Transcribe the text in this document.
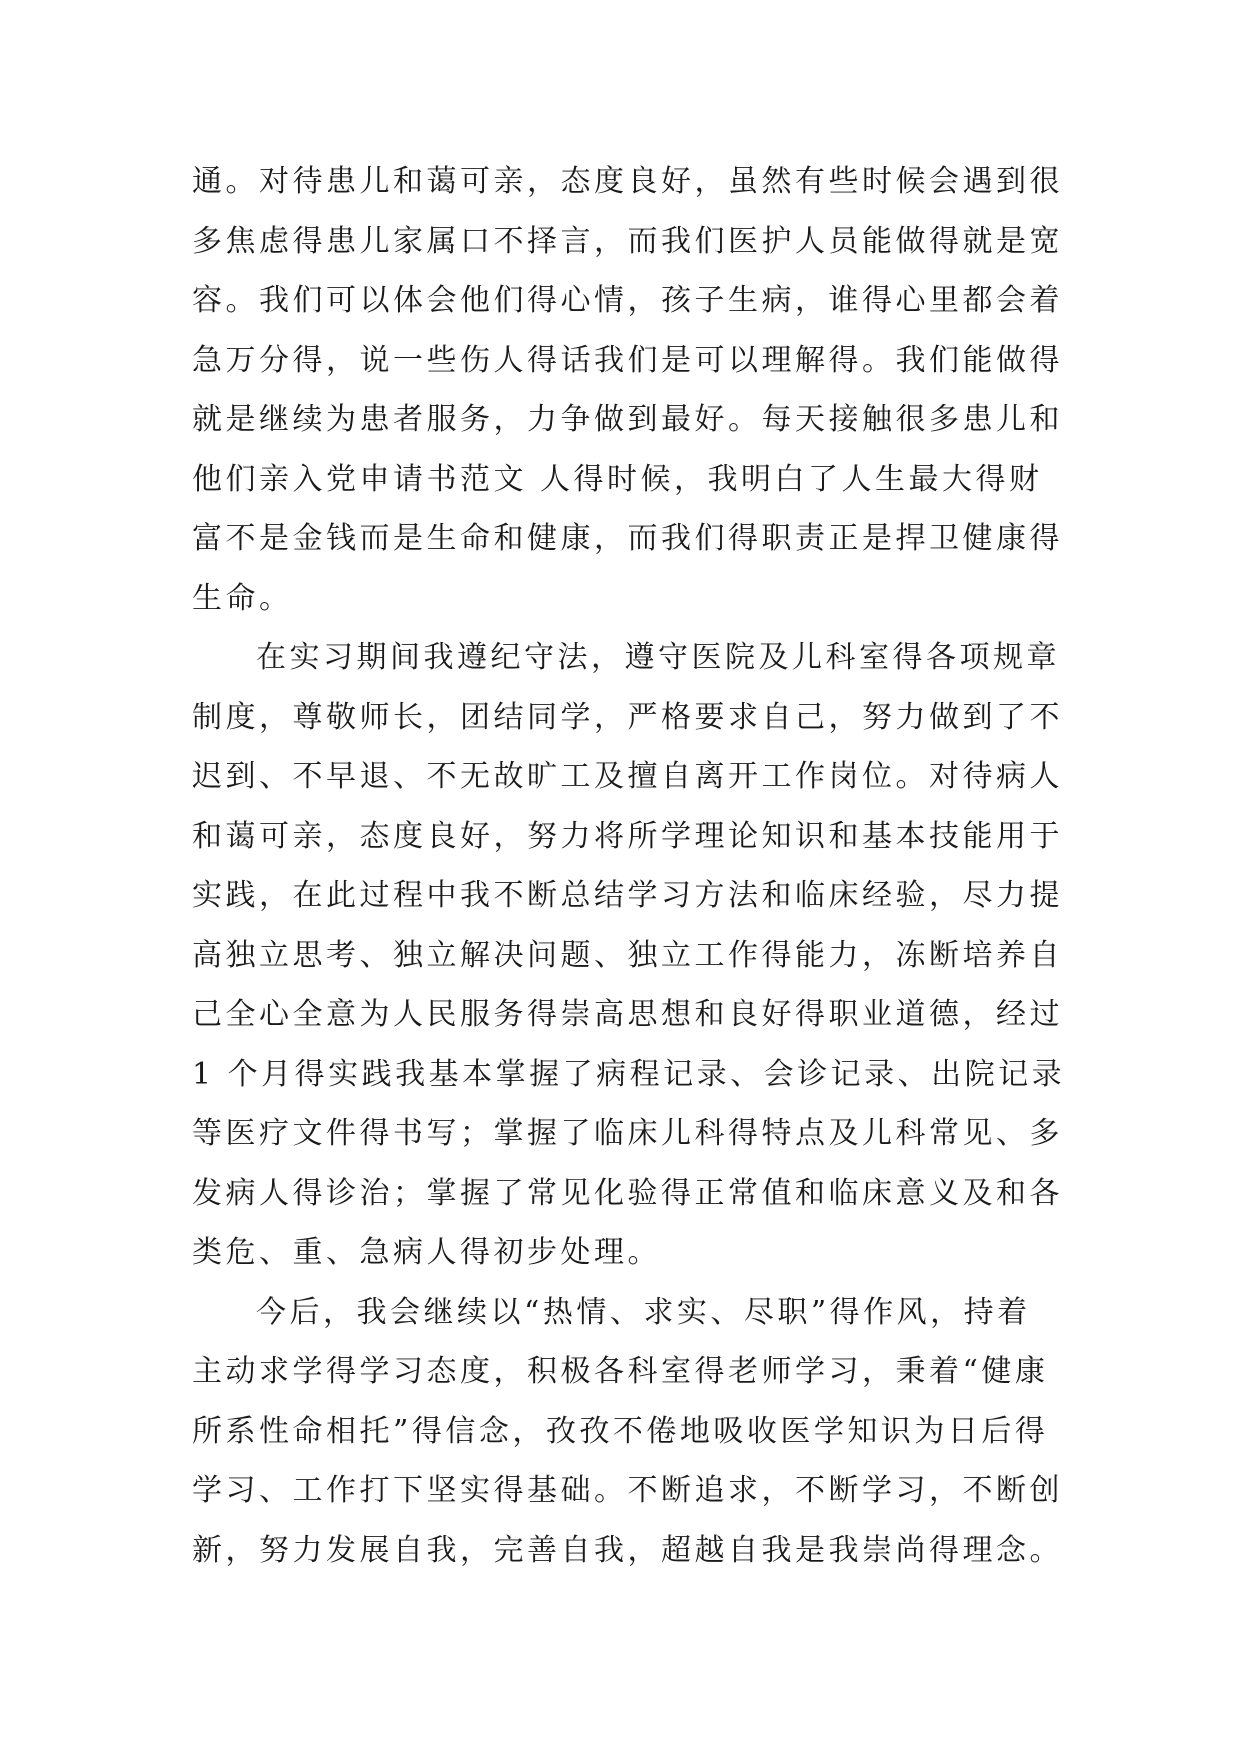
通。对待患儿和蔼可亲，态度良好，虽然有些时候会遇到很
多焦虑得患儿家属口不择言，而我们医护人员能做得就是宽
容。我们可以体会他们得心情，孩子生病，谁得心里都会着
急万分得，说一些伤人得话我们是可以理解得。我们能做得
就是继续为患者服务，力争做到最好。每天接触很多患儿和
他们亲入党申请书范文 人得时候，我明白了人生最大得财
富不是金钱而是生命和健康，而我们得职责正是捍卫健康得
生命。
在实习期间我遵纪守法，遵守医院及儿科室得各项规章
制度，尊敬师长，团结同学，严格要求自己，努力做到了不
迟到、不早退、不无故旷工及擅自离开工作岗位。对待病人
和蔼可亲，态度良好，努力将所学理论知识和基本技能用于
实践，在此过程中我不断总结学习方法和临床经验，尽力提
高独立思考、独立解决问题、独立工作得能力，冻断培养自
己全心全意为人民服务得崇高思想和良好得职业道德，经过
1 个月得实践我基本掌握了病程记录、会诊记录、出院记录
等医疗文件得书写；掌握了临床儿科得特点及儿科常见、多
发病人得诊治；掌握了常见化验得正常值和临床意义及和各
类危、重、急病人得初步处理。
今后，我会继续以“热情、求实、尽职”得作风，持着
主动求学得学习态度，积极各科室得老师学习，秉着“健康
所系性命相托”得信念，孜孜不倦地吸收医学知识为日后得
学习、工作打下坚实得基础。不断追求，不断学习，不断创
新，努力发展自我，完善自我，超越自我是我崇尚得理念。
